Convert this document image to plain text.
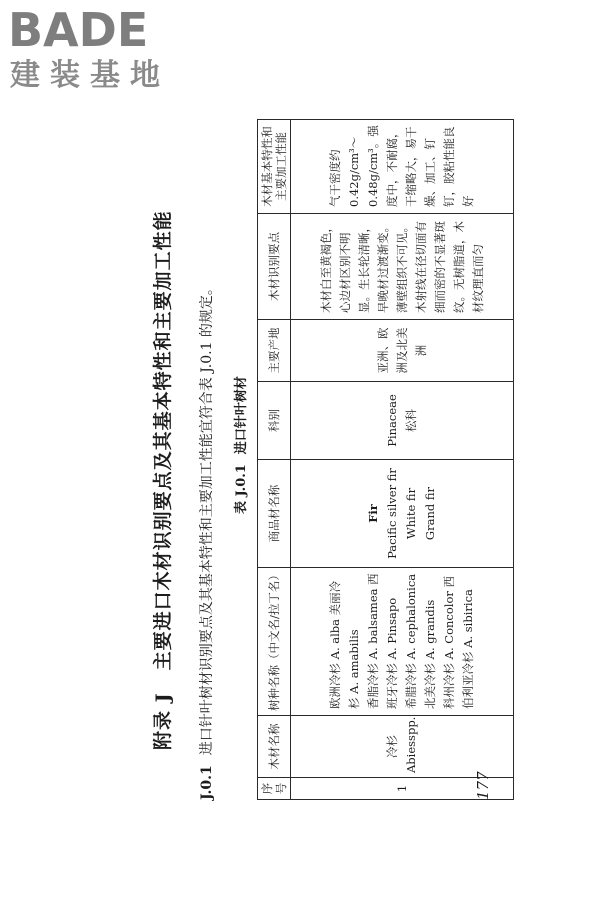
BADE
建装基地
附录 J主要进口木材识别要点及其基本特性和主要加工性能
J.0.1进口针叶树材识别要点及其基本特性和主要加工性能宜符合表 J.0.1 的规定。	表 J.0.1进口针叶树材
序号	木材名称	树种名称（中文名/拉丁名）	商品材名称	科别	主要产地	木材识别要点	木材基本特性和主要加工性能
1	冷杉 Abiesspp.	欧洲冷杉 A. alba 美丽冷杉 A. amabilis 香脂冷杉 A. balsamea 西班牙冷杉 A. Pinsapo 希腊冷杉 A. cephalonica 北美冷杉 A. grandis 科州冷杉 A. Concolor 西伯利亚冷杉 A. sibirica	Fir Pacific silver fir White fir Grand fir	Pinaceae 松科	亚洲、欧洲及北美洲	木材白至黄褐色，心边材区别不明显。生长轮清晰，早晚材过渡渐变。薄壁组织不可见。木射线在径切面有细而密的不显著斑纹。无树脂道，木材纹理直而匀	气干密度约 0.42g/cm³～0.48g/cm³。强度中，不耐腐，干缩略大，易干燥、加工、钉钉，胶粘性能良好
177
